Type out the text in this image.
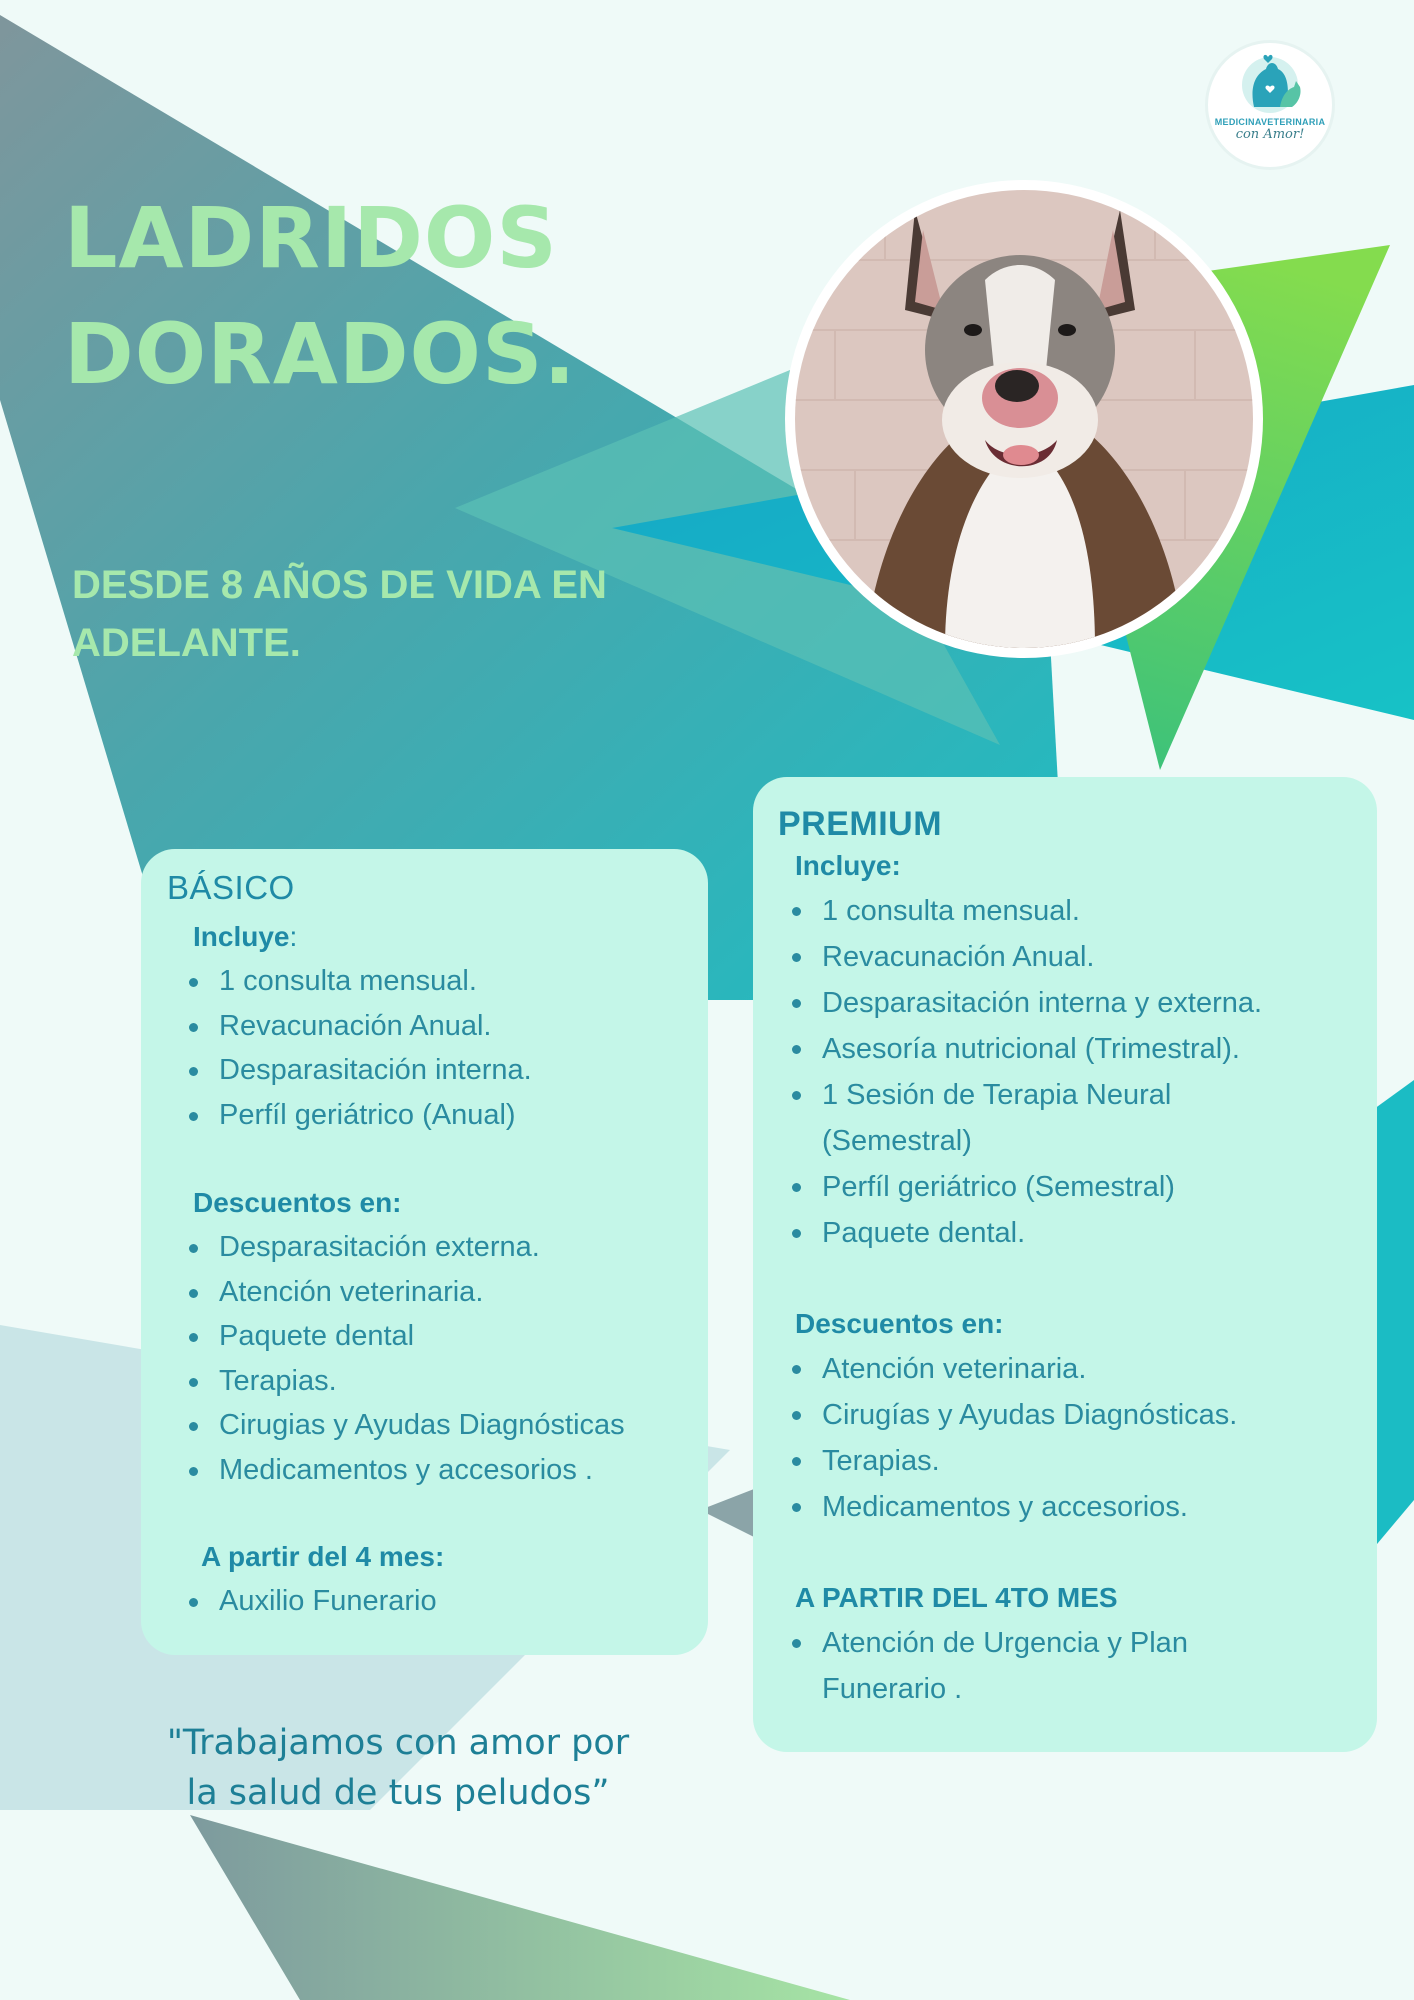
MEDICINAVETERINARIA
con Amor!
LADRIDOS
DORADOS.

DESDE 8 AÑOS DE VIDA EN ADELANTE.

BÁSICO

Incluye:

1 consulta mensual.
Revacunación Anual.
Desparasitación interna.
Perfíl geriátrico (Anual)

Descuentos en:

Desparasitación externa.
Atención veterinaria.
Paquete dental
Terapias.
Cirugias y Ayudas Diagnósticas
Medicamentos y accesorios .

A partir del 4 mes:

Auxilio Funerario
PREMIUM

Incluye:

1 consulta mensual.
Revacunación Anual.
Desparasitación interna y externa.
Asesoría nutricional (Trimestral).
1 Sesión de Terapia Neural
(Semestral)
Perfíl geriátrico (Semestral)
Paquete dental.

Descuentos en:

Atención veterinaria.
Cirugías y Ayudas Diagnósticas.
Terapias.
Medicamentos y accesorios.

A PARTIR DEL 4TO MES

Atención de Urgencia y Plan
Funerario .

"Trabajamos con amor por
la salud de tus peludos”
